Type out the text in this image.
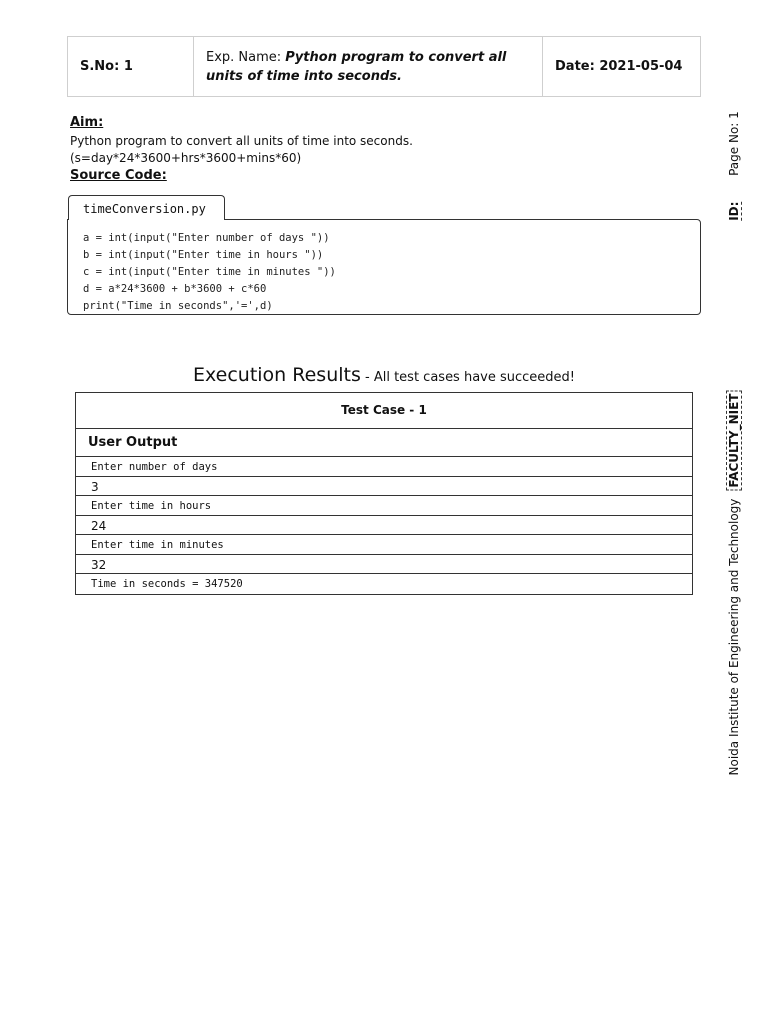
S.No: 1
Exp. Name: Python program to convert all units of time into seconds.
Date: 2021-05-04
Aim:
Python program to convert all units of time into seconds.
(s=day*24*3600+hrs*3600+mins*60)
Source Code:
timeConversion.py
a = int(input("Enter number of days "))
b = int(input("Enter time in hours "))
c = int(input("Enter time in minutes "))
d = a*24*3600 + b*3600 + c*60
print("Time in seconds",'=',d)
Execution Results - All test cases have succeeded!
Test Case - 1
User Output
Enter number of days
3
Enter time in hours
24
Enter time in minutes
32
Time in seconds = 347520
ID:  Page No: 1
Noida Institute of Engineering and TechnologyFACULTY_NIET
